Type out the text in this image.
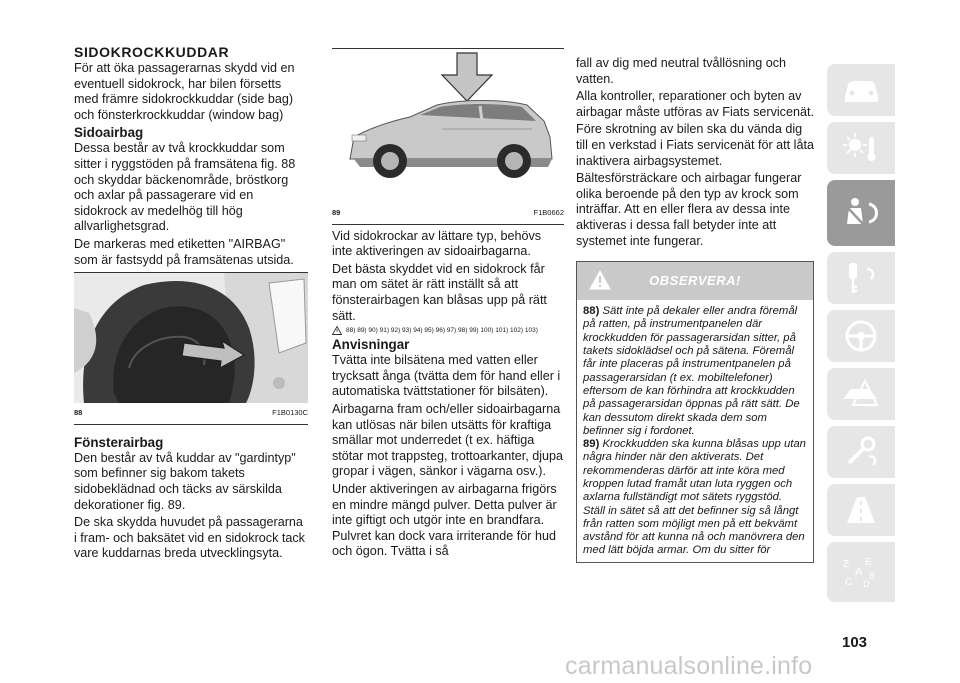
SIDOKROCKKUDDAR

För att öka passagerarnas skydd vid en eventuell sidokrock, har bilen försetts med främre sidokrockkuddar (side bag) och fönsterkrockkuddar (window bag)

Sidoairbag

Dessa består av två krockkuddar som sitter i ryggstöden på framsätena fig. 88 och skyddar bäckenområde, bröstkorg och axlar på passagerare vid en sidokrock av medelhög till hög allvarlighetsgrad.

De markeras med etiketten "AIRBAG" som är fastsydd på framsätenas utsida.

88	F1B0130C
Fönsterairbag

Den består av två kuddar av "gardintyp" som befinner sig bakom takets sidobeklädnad och täcks av särskilda dekorationer fig. 89.

De ska skydda huvudet på passagerarna i fram- och baksätet vid en sidokrock tack vare kuddarnas breda utvecklingsyta.

89	F1B0662

Vid sidokrockar av lättare typ, behövs inte aktiveringen av sidoairbagarna.

Det bästa skyddet vid en sidokrock får man om sätet är rätt inställt så att fönsterairbagen kan blåsas upp på rätt sätt.

88) 89) 90) 91) 92) 93) 94) 95) 96) 97) 98) 99) 100) 101) 102) 103)
Anvisningar

Tvätta inte bilsätena med vatten eller trycksatt ånga (tvätta dem för hand eller i automatiska tvättstationer för bilsäten).

Airbagarna fram och/eller sidoairbagarna kan utlösas när bilen utsätts för kraftiga smällar mot underredet (t ex. häftiga stötar mot trappsteg, trottoarkanter, djupa gropar i vägen, sänkor i vägarna osv.).

Under aktiveringen av airbagarna frigörs en mindre mängd pulver. Detta pulver är inte giftigt och utgör inte en brandfara. Pulvret kan dock vara irriterande för hud och ögon. Tvätta i så

fall av dig med neutral tvållösning och vatten.

Alla kontroller, reparationer och byten av airbagar måste utföras av Fiats servicenät.

Före skrotning av bilen ska du vända dig till en verkstad i Fiats servicenät för att låta inaktivera airbagsystemet.

Bältesförsträckare och airbagar fungerar olika beroende på den typ av krock som inträffar. Att en eller flera av dessa inte aktiveras i dessa fall betyder inte att systemet inte fungerar.

OBSERVERA!
88) Sätt inte på dekaler eller andra föremål på ratten, på instrumentpanelen där krockkudden för passagerarsidan sitter, på takets sidoklädsel och på sätena. Föremål får inte placeras på instrumentpanelen på passagerarsidan (t ex. mobiltelefoner) eftersom de kan förhindra att krockkudden på passagerarsidan öppnas på rätt sätt. De kan dessutom direkt skada dem som befinner sig i fordonet.
89) Krockkudden ska kunna blåsas upp utan några hinder när den aktiverats. Det rekommenderas därför att inte köra med kroppen lutad framåt utan luta ryggen och axlarna fullständigt mot sätets ryggstöd. Ställ in sätet så att det befinner sig så långt från ratten som möjligt men på ett bekvämt avstånd för att kunna nå och manövrera den med lätt böjda armar. Om du sitter för
Z E
A B
C D
103
carmanualsonline.info
